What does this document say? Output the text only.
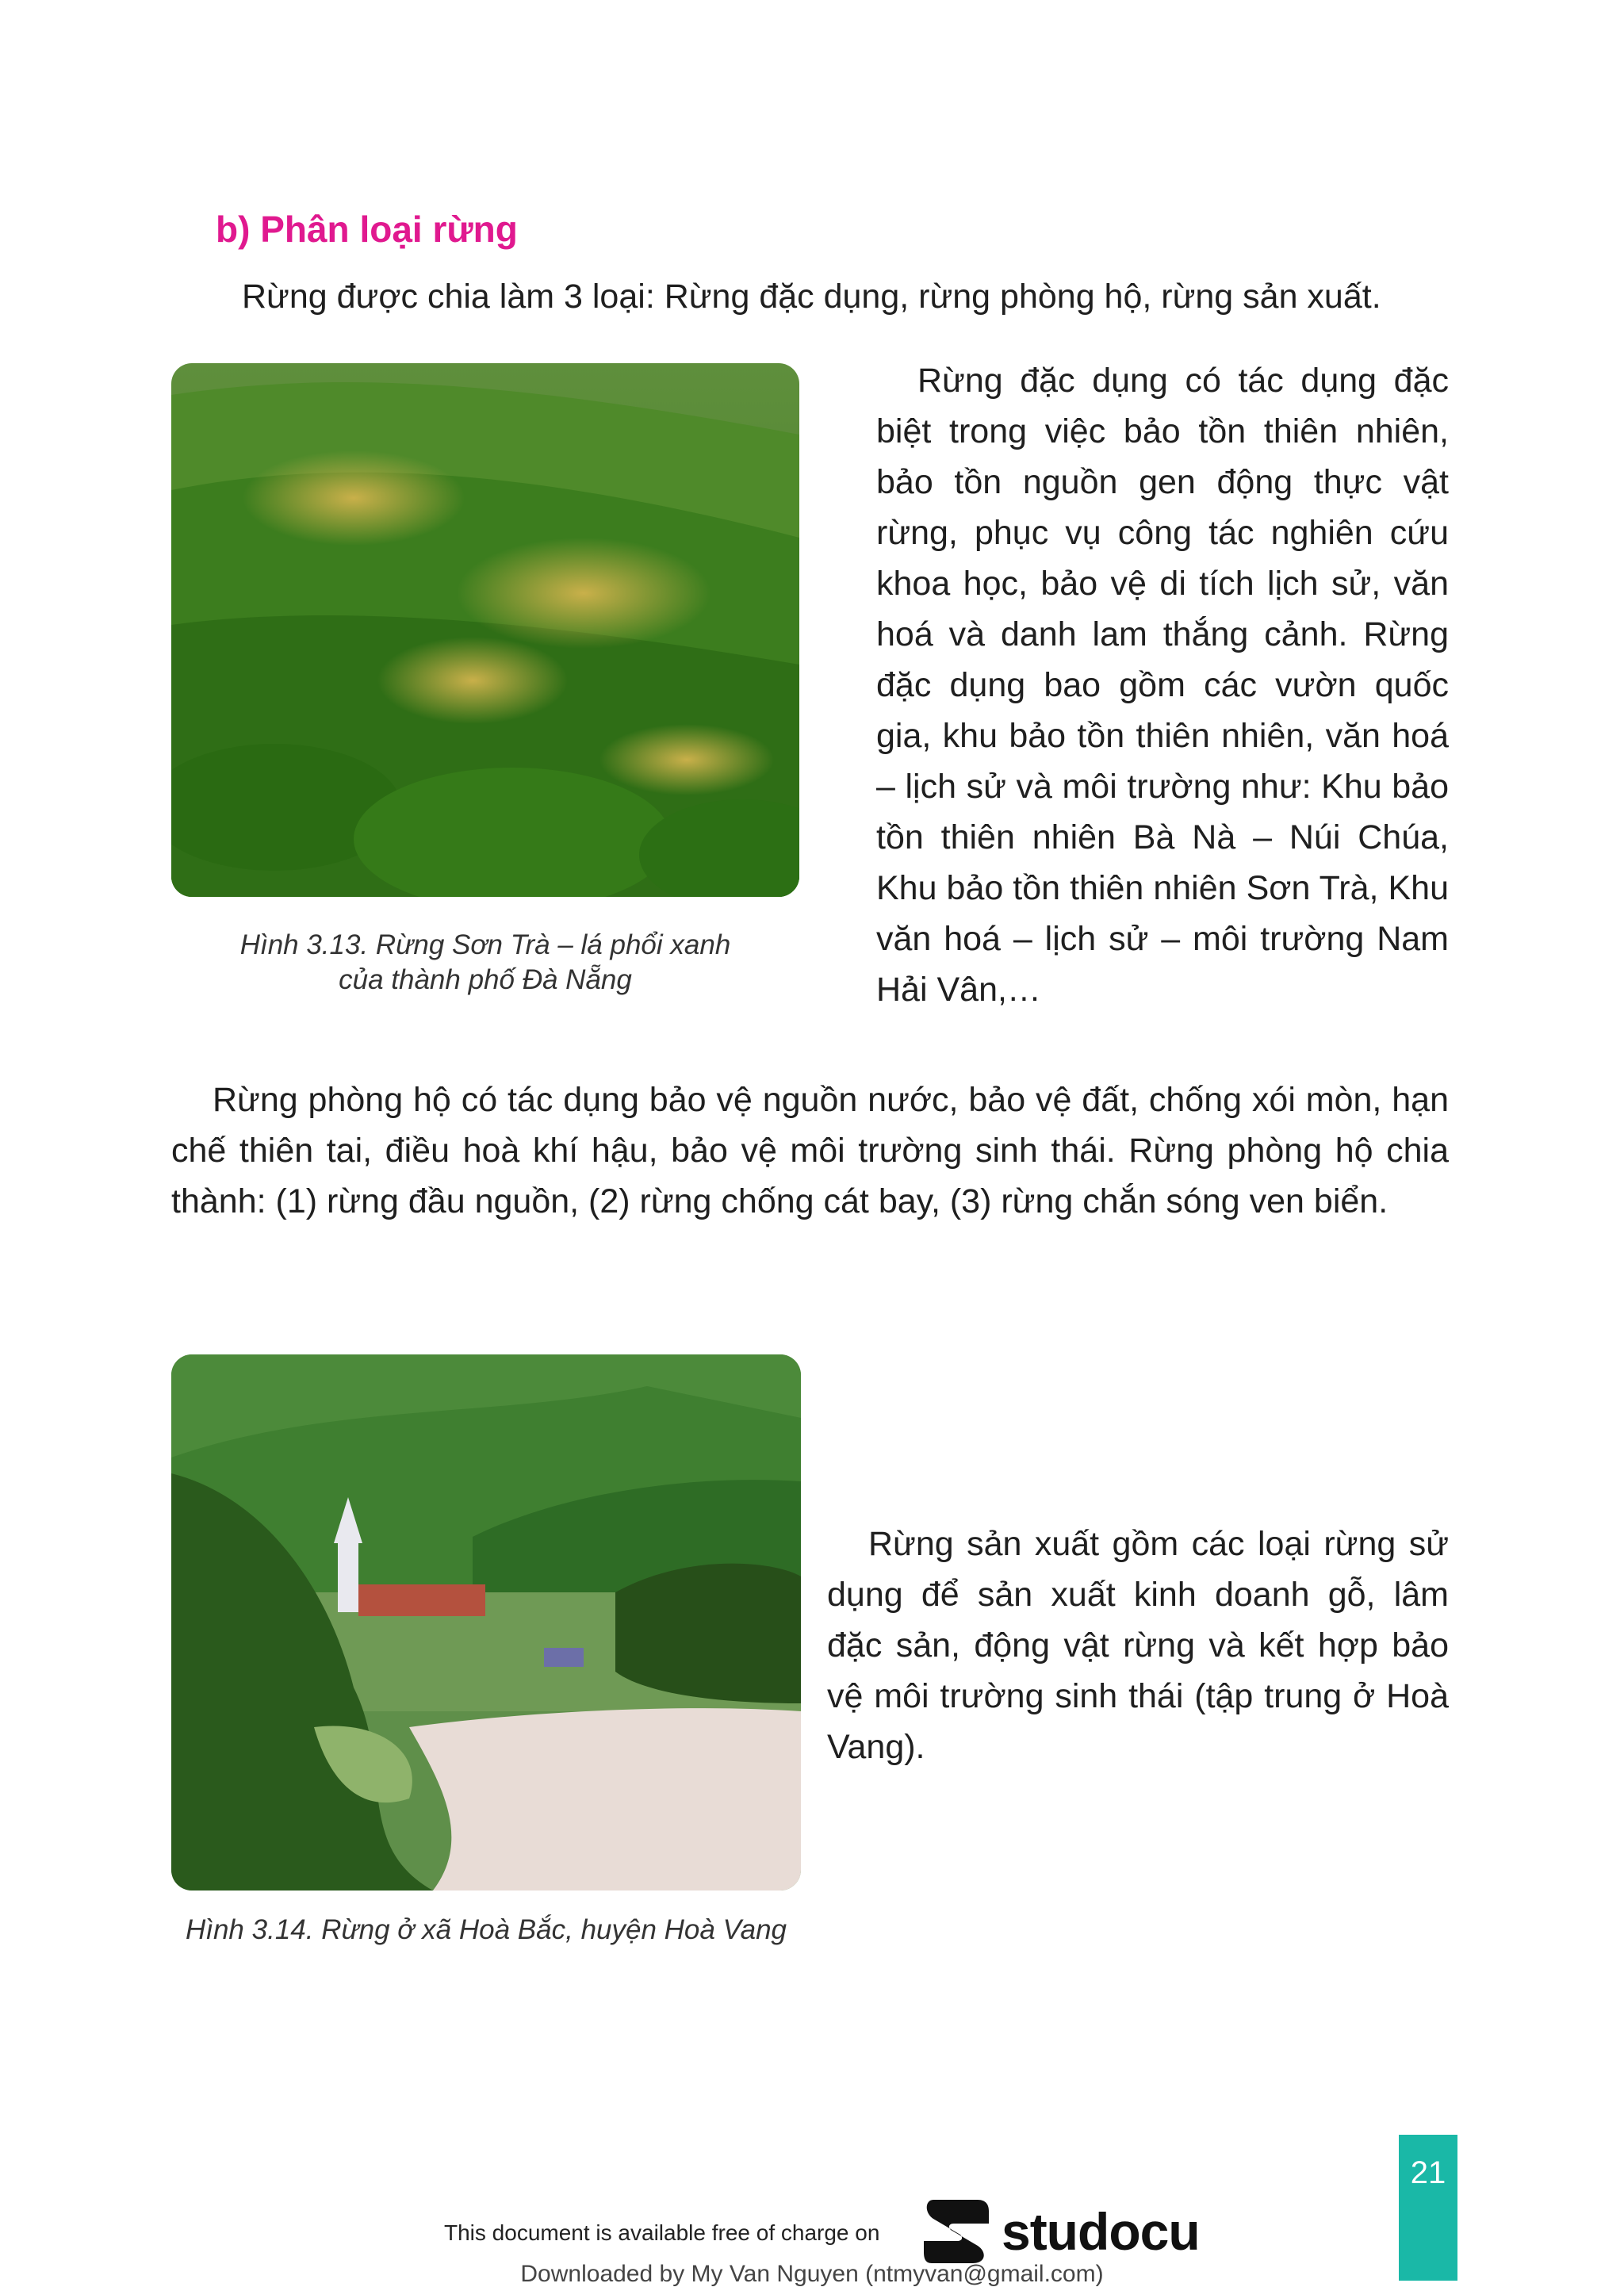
b) Phân loại rừng

Rừng được chia làm 3 loại: Rừng đặc dụng, rừng phòng hộ, rừng sản xuất.

Hình 3.13. Rừng Sơn Trà – lá phổi xanh
của thành phố Đà Nẵng

Rừng đặc dụng có tác dụng đặc biệt trong việc bảo tồn thiên nhiên, bảo tồn nguồn gen động thực vật rừng, phục vụ công tác nghiên cứu khoa học, bảo vệ di tích lịch sử, văn hoá và danh lam thắng cảnh. Rừng đặc dụng bao gồm các vườn quốc gia, khu bảo tồn thiên nhiên, văn hoá – lịch sử và môi trường như: Khu bảo tồn thiên nhiên Bà Nà – Núi Chúa, Khu bảo tồn thiên nhiên Sơn Trà, Khu văn hoá – lịch sử – môi trường Nam Hải Vân,…

Rừng phòng hộ có tác dụng bảo vệ nguồn nước, bảo vệ đất, chống xói mòn, hạn chế thiên tai, điều hoà khí hậu, bảo vệ môi trường sinh thái. Rừng phòng hộ chia thành: (1) rừng đầu nguồn, (2) rừng chống cát bay, (3) rừng chắn sóng ven biển.

Hình 3.14. Rừng ở xã Hoà Bắc, huyện Hoà Vang

Rừng sản xuất gồm các loại rừng sử dụng để sản xuất kinh doanh gỗ, lâm đặc sản, động vật rừng và kết hợp bảo vệ môi trường sinh thái (tập trung ở Hoà Vang).

21
This document is available free of charge on studocu
Downloaded by My Van Nguyen (ntmyvan@gmail.com)
